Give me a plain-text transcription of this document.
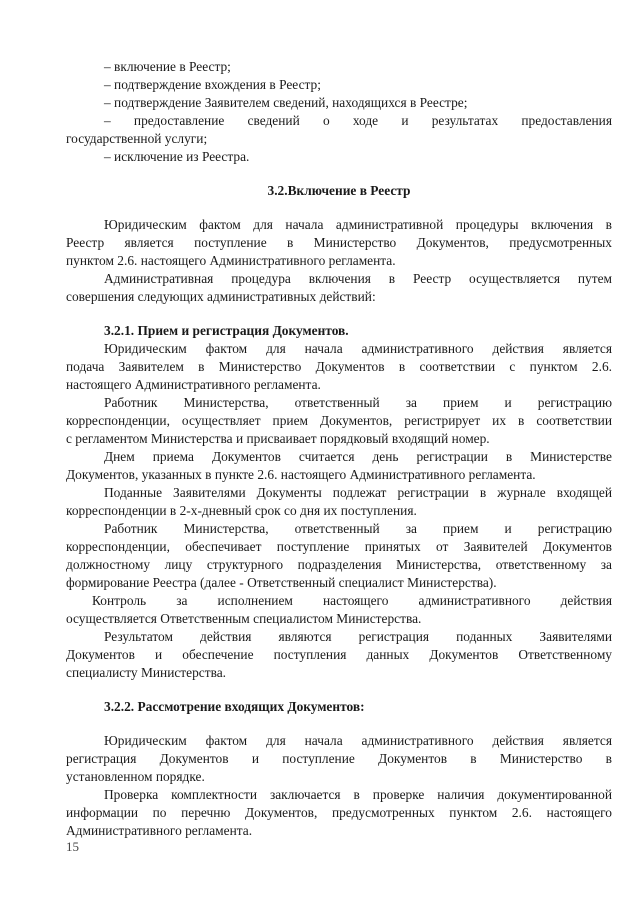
– включение в Реестр;
– подтверждение вхождения в Реестр;
– подтверждение Заявителем сведений, находящихся в Реестре;
– предоставление сведений о ходе и результатах предоставления
государственной услуги;
– исключение из Реестра.
3.2.Включение в Реестр
Юридическим фактом для начала административной процедуры включения в
Реестр является поступление в Министерство Документов, предусмотренных
пунктом 2.6. настоящего Административного регламента.
Административная процедура включения в Реестр осуществляется путем
совершения следующих административных действий:
3.2.1. Прием и регистрация Документов.
Юридическим фактом для начала административного действия является
подача Заявителем в Министерство Документов в соответствии с пунктом 2.6.
настоящего Административного регламента.
Работник Министерства, ответственный за прием и регистрацию
корреспонденции, осуществляет прием Документов, регистрирует их в соответствии
с регламентом Министерства и присваивает порядковый входящий номер.
Днем приема Документов считается день регистрации в Министерстве
Документов, указанных в пункте 2.6. настоящего Административного регламента.
Поданные Заявителями Документы подлежат регистрации в журнале входящей
корреспонденции в 2-х-дневный срок со дня их поступления.
Работник Министерства, ответственный за прием и регистрацию
корреспонденции, обеспечивает поступление принятых от Заявителей Документов
должностному лицу структурного подразделения Министерства, ответственному за
формирование Реестра (далее - Ответственный специалист Министерства).
Контроль за исполнением настоящего административного действия
осуществляется Ответственным специалистом Министерства.
Результатом действия являются регистрация поданных Заявителями
Документов и обеспечение поступления данных Документов Ответственному
специалисту Министерства.
3.2.2. Рассмотрение входящих Документов:
Юридическим фактом для начала административного действия является
регистрация Документов и поступление Документов в Министерство в
установленном порядке.
Проверка комплектности заключается в проверке наличия документированной
информации по перечню Документов, предусмотренных пунктом 2.6. настоящего
Административного регламента.
15
